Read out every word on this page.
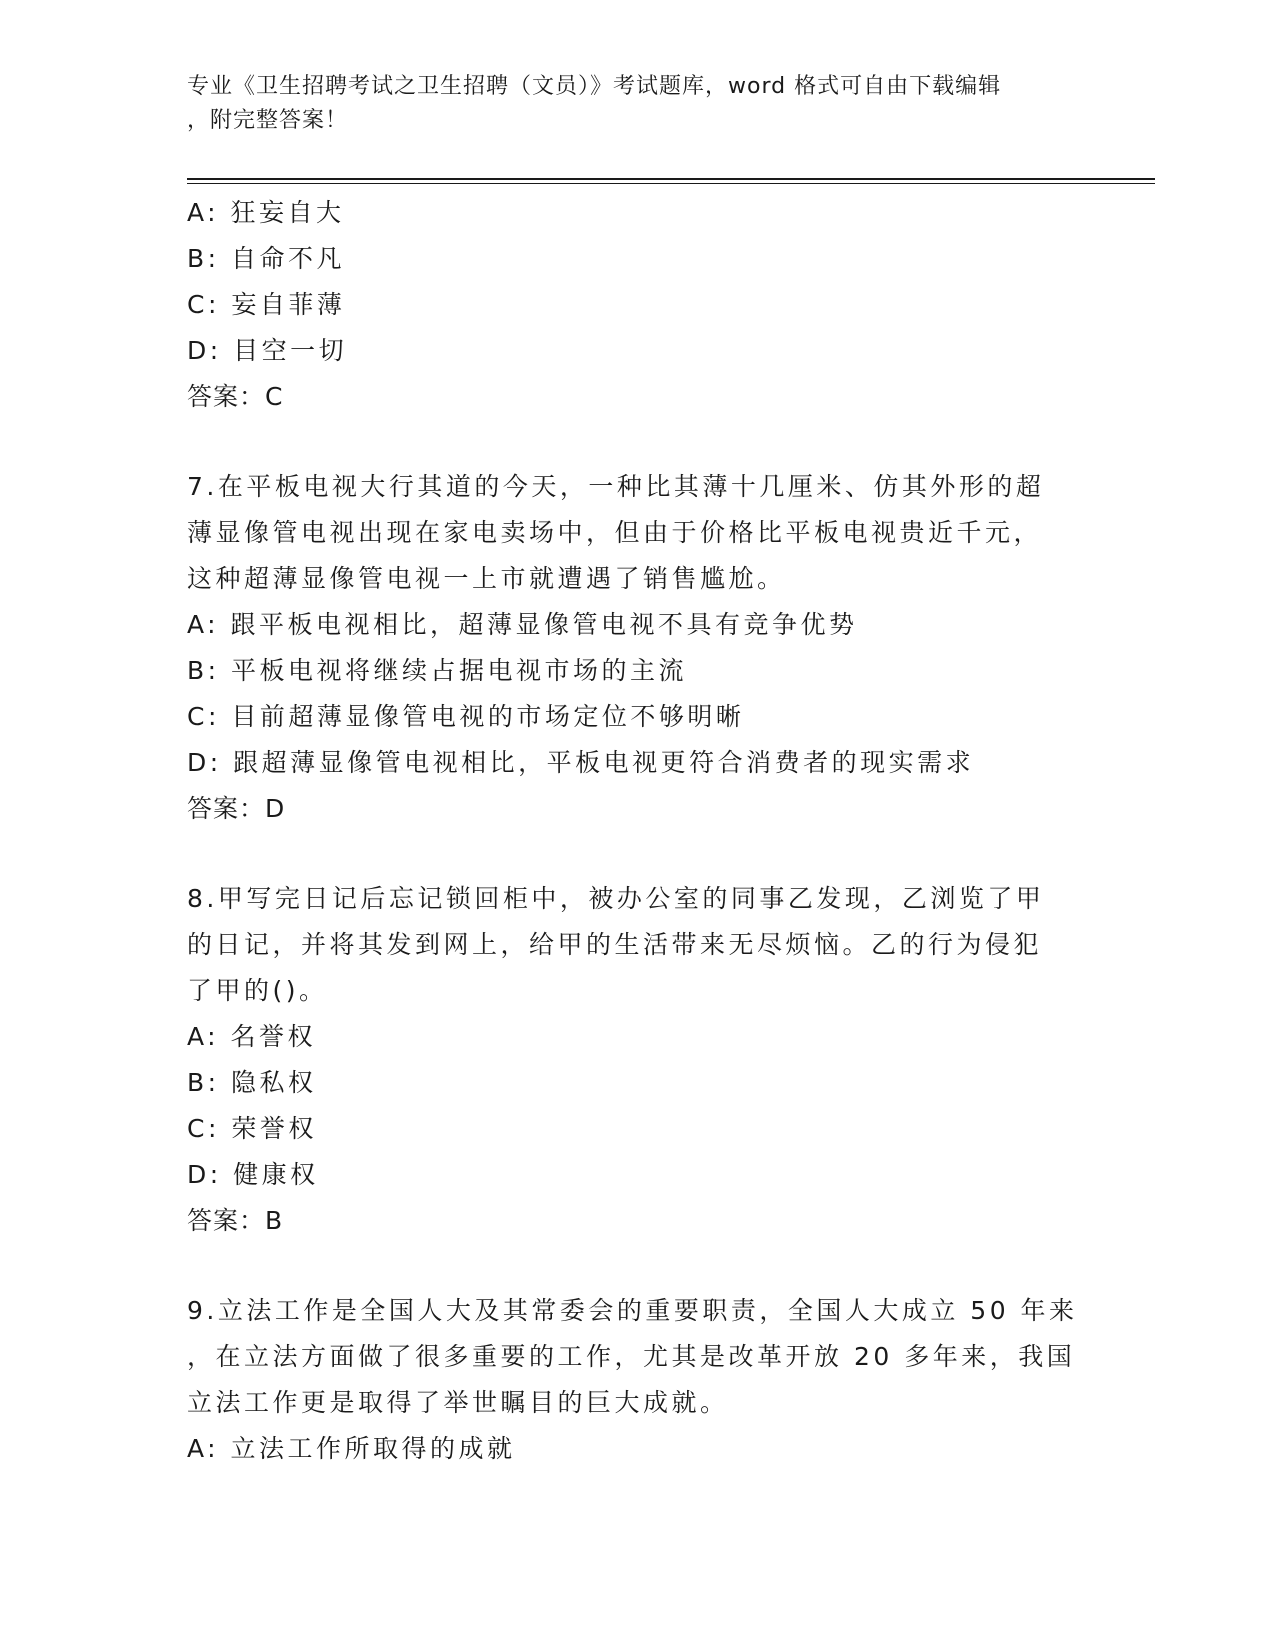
专业《卫生招聘考试之卫生招聘（文员）》考试题库，word 格式可自由下载编辑
，附完整答案！
A: 狂妄自大
B: 自命不凡
C: 妄自菲薄
D: 目空一切
答案：C
7.在平板电视大行其道的今天，一种比其薄十几厘米、仿其外形的超
薄显像管电视出现在家电卖场中，但由于价格比平板电视贵近千元，
这种超薄显像管电视一上市就遭遇了销售尴尬。
A: 跟平板电视相比，超薄显像管电视不具有竞争优势
B: 平板电视将继续占据电视市场的主流
C: 目前超薄显像管电视的市场定位不够明晰
D: 跟超薄显像管电视相比，平板电视更符合消费者的现实需求
答案：D
8.甲写完日记后忘记锁回柜中，被办公室的同事乙发现，乙浏览了甲
的日记，并将其发到网上，给甲的生活带来无尽烦恼。乙的行为侵犯
了甲的()。
A: 名誉权
B: 隐私权
C: 荣誉权
D: 健康权
答案：B
9.立法工作是全国人大及其常委会的重要职责，全国人大成立 50 年来
，在立法方面做了很多重要的工作，尤其是改革开放 20 多年来，我国
立法工作更是取得了举世瞩目的巨大成就。
A: 立法工作所取得的成就
